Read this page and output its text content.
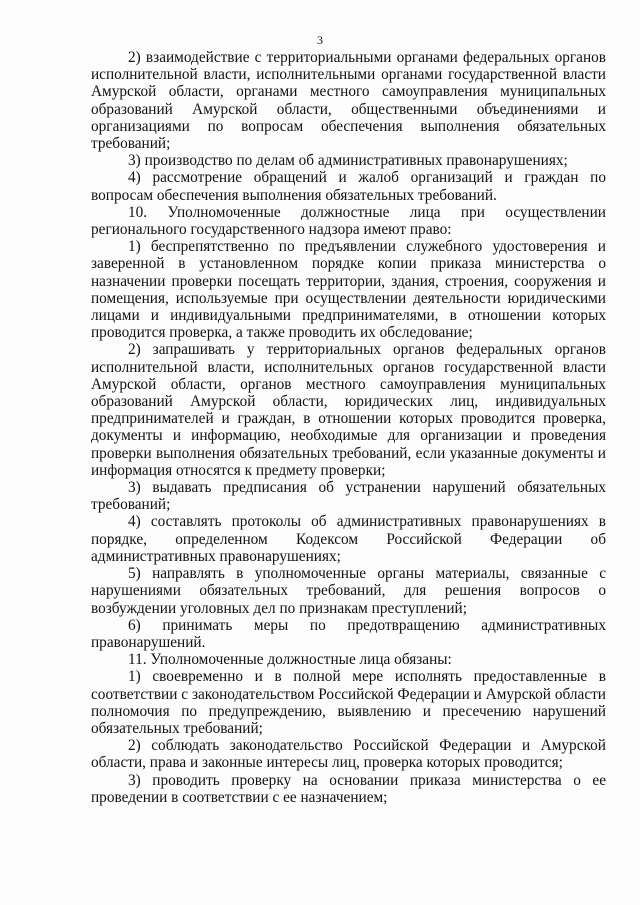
3

2) взаимодействие с территориальными органами федеральных органов исполнительной власти, исполнительными органами государственной власти Амурской области, органами местного самоуправления муниципальных образований Амурской области, общественными объединениями и организациями по вопросам обеспечения выполнения обязательных требований;

3) производство по делам об административных правонарушениях;

4) рассмотрение обращений и жалоб организаций и граждан по вопросам обеспечения выполнения обязательных требований.

10. Уполномоченные должностные лица при осуществлении регионального государственного надзора имеют право:

1) беспрепятственно по предъявлении служебного удостоверения и заверенной в установленном порядке копии приказа министерства о назначении проверки посещать территории, здания, строения, сооружения и помещения, используемые при осуществлении деятельности юридическими лицами и индивидуальными предпринимателями, в отношении которых проводится проверка, а также проводить их обследование;

2) запрашивать у территориальных органов федеральных органов исполнительной власти, исполнительных органов государственной власти Амурской области, органов местного самоуправления муниципальных образований Амурской области, юридических лиц, индивидуальных предпринимателей и граждан, в отношении которых проводится проверка, документы и информацию, необходимые для организации и проведения проверки выполнения обязательных требований, если указанные документы и информация относятся к предмету проверки;

3) выдавать предписания об устранении нарушений обязательных требований;

4) составлять протоколы об административных правонарушениях в порядке, определенном Кодексом Российской Федерации об административных правонарушениях;

5) направлять в уполномоченные органы материалы, связанные с нарушениями обязательных требований, для решения вопросов о возбуждении уголовных дел по признакам преступлений;

6) принимать меры по предотвращению административных правонарушений.

11. Уполномоченные должностные лица обязаны:

1) своевременно и в полной мере исполнять предоставленные в соответствии с законодательством Российской Федерации и Амурской области полномочия по предупреждению, выявлению и пресечению нарушений обязательных требований;

2) соблюдать законодательство Российской Федерации и Амурской области, права и законные интересы лиц, проверка которых проводится;

3) проводить проверку на основании приказа министерства о ее проведении в соответствии с ее назначением;
